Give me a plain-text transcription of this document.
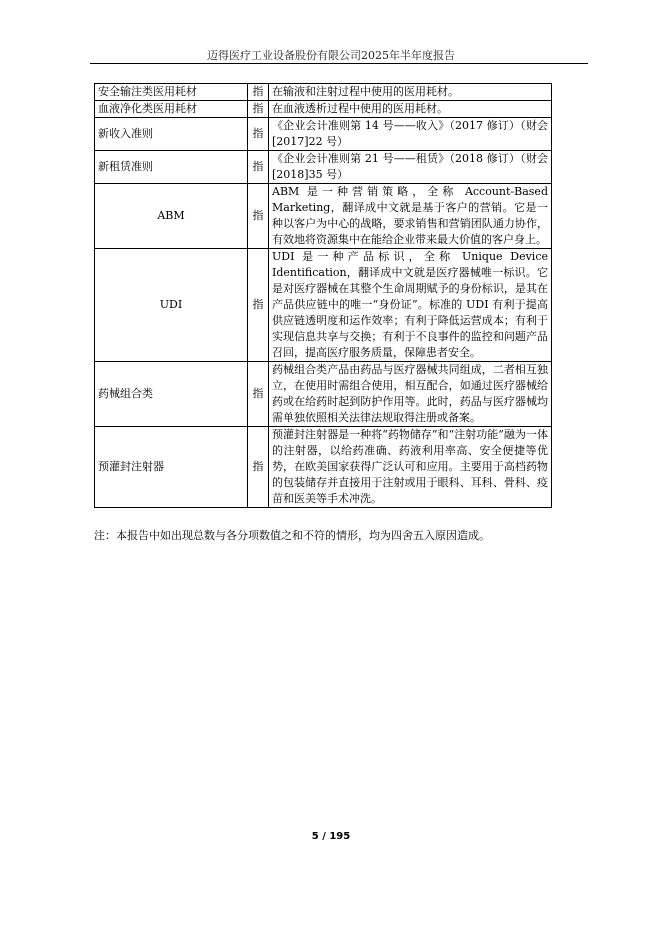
迈得医疗工业设备股份有限公司2025年半年度报告
安全输注类医用耗材	指	在输液和注射过程中使用的医用耗材。
血液净化类医用耗材	指	在血液透析过程中使用的医用耗材。
新收入准则	指	《企业会计准则第 14 号——收入》（2017 修订）（财会[2017]22 号）
新租赁准则	指	《企业会计准则第 21 号——租赁》（2018 修订）（财会[2018]35 号）
ABM	指	ABM 是一种营销策略，全称 Account-Based Marketing，翻译成中文就是基于客户的营销。它是一种以客户为中心的战略，要求销售和营销团队通力协作，有效地将资源集中在能给企业带来最大价值的客户身上。
UDI	指	UDI 是一种产品标识，全称 Unique Device Identification，翻译成中文就是医疗器械唯一标识。它是对医疗器械在其整个生命周期赋予的身份标识，是其在产品供应链中的唯一“身份证”。标准的 UDI 有利于提高供应链透明度和运作效率；有利于降低运营成本；有利于实现信息共享与交换；有利于不良事件的监控和问题产品召回，提高医疗服务质量，保障患者安全。
药械组合类	指	药械组合类产品由药品与医疗器械共同组成，二者相互独立，在使用时需组合使用，相互配合，如通过医疗器械给药或在给药时起到防护作用等。此时，药品与医疗器械均需单独依照相关法律法规取得注册或备案。
预灌封注射器	指	预灌封注射器是一种将“药物储存”和“注射功能”融为一体的注射器，以给药准确、药液利用率高、安全便捷等优势，在欧美国家获得广泛认可和应用。主要用于高档药物的包装储存并直接用于注射或用于眼科、耳科、骨科、疫苗和医美等手术冲洗。
注：本报告中如出现总数与各分项数值之和不符的情形，均为四舍五入原因造成。
5 / 195
